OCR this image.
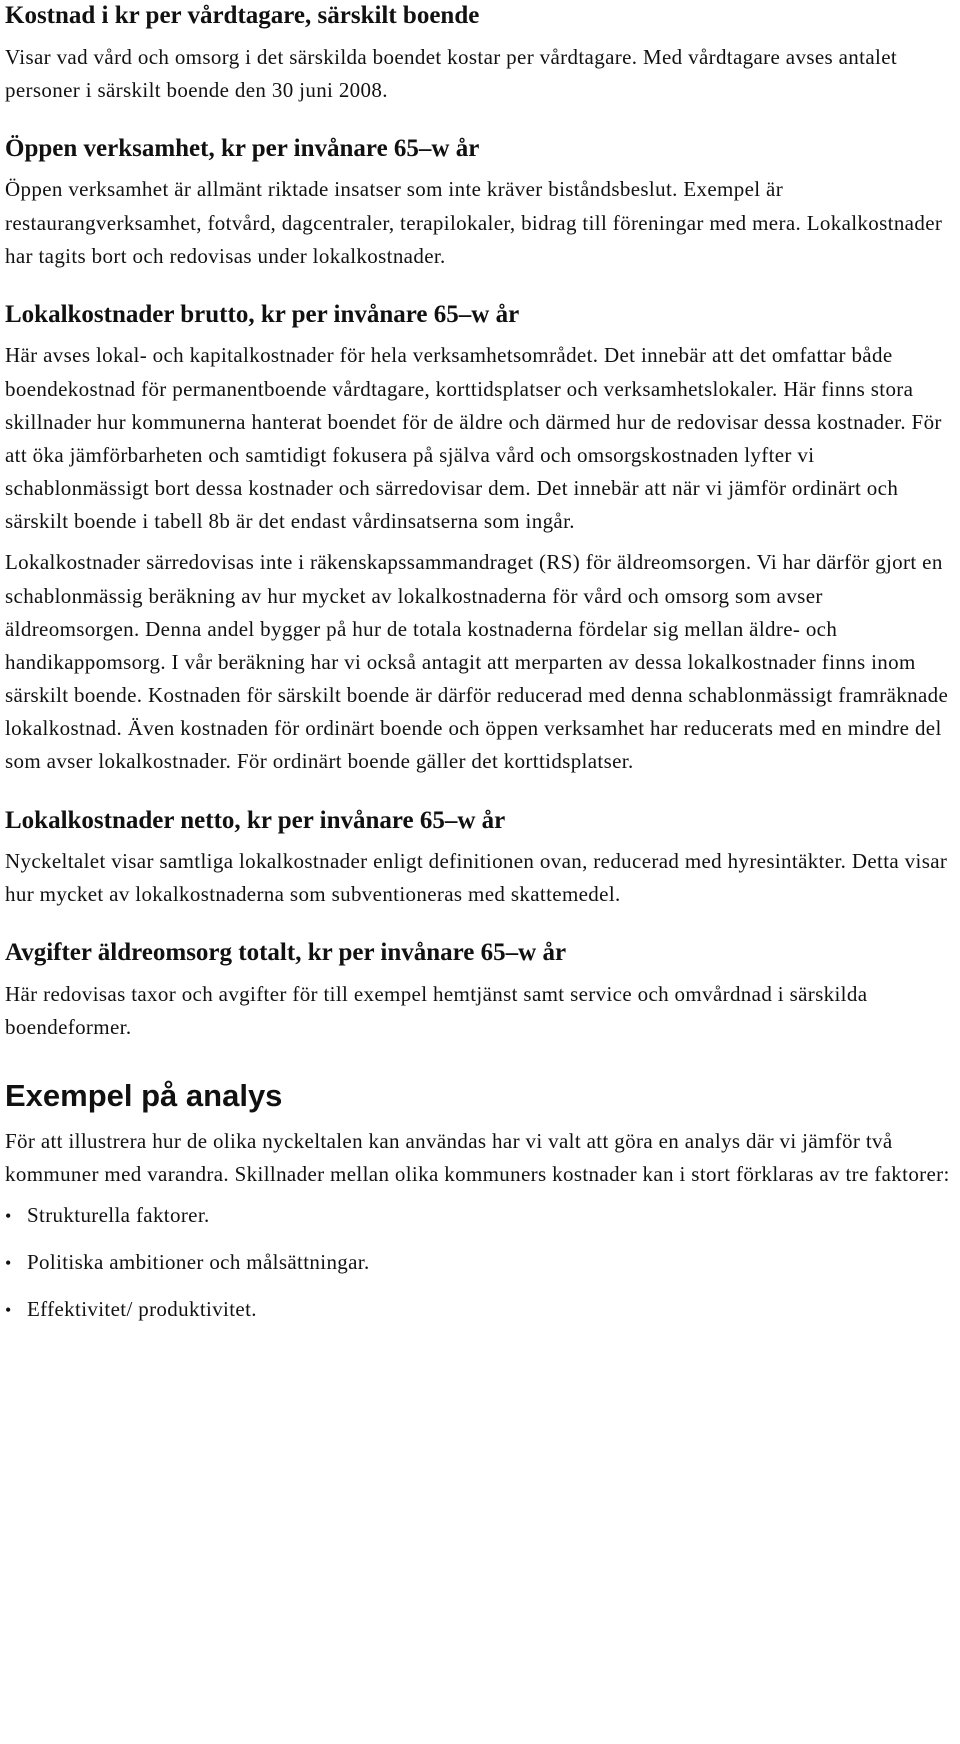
Kostnad i kr per vårdtagare, särskilt boende

Visar vad vård och omsorg i det särskilda boendet kostar per vårdtagare. Med vårdtagare avses antalet personer i särskilt boende den 30 juni 2008.

Öppen verksamhet, kr per invånare 65–w år

Öppen verksamhet är allmänt riktade insatser som inte kräver biståndsbeslut. Exempel är restaurangverksamhet, fotvård, dagcentraler, terapilokaler, bidrag till föreningar med mera. Lokalkostnader har tagits bort och redovisas under lokalkostnader.

Lokalkostnader brutto, kr per invånare 65–w år

Här avses lokal- och kapitalkostnader för hela verksamhetsområdet. Det innebär att det omfattar både boendekostnad för permanentboende vårdtagare, korttidsplatser och verksamhetslokaler. Här finns stora skillnader hur kommunerna hanterat boendet för de äldre och därmed hur de redovisar dessa kostnader. För att öka jämförbarheten och samtidigt fokusera på själva vård och omsorgskostnaden lyfter vi schablonmässigt bort dessa kostnader och särredovisar dem. Det innebär att när vi jämför ordinärt och särskilt boende i tabell 8b är det endast vårdinsatserna som ingår.

Lokalkostnader särredovisas inte i räkenskapssammandraget (RS) för äldreomsorgen. Vi har därför gjort en schablonmässig beräkning av hur mycket av lokalkostnaderna för vård och omsorg som avser äldreomsorgen. Denna andel bygger på hur de totala kostnaderna fördelar sig mellan äldre- och handikappomsorg. I vår beräkning har vi också antagit att merparten av dessa lokalkostnader finns inom särskilt boende. Kostnaden för särskilt boende är därför reducerad med denna schablonmässigt framräknade lokalkostnad. Även kostnaden för ordinärt boende och öppen verksamhet har reducerats med en mindre del som avser lokalkostnader. För ordinärt boende gäller det korttidsplatser.

Lokalkostnader netto, kr per invånare 65–w år

Nyckeltalet visar samtliga lokalkostnader enligt definitionen ovan, reducerad med hyresintäkter. Detta visar hur mycket av lokalkostnaderna som subventioneras med skattemedel.

Avgifter äldreomsorg totalt, kr per invånare 65–w år

Här redovisas taxor och avgifter för till exempel hemtjänst samt service och omvårdnad i särskilda boendeformer.

Exempel på analys

För att illustrera hur de olika nyckeltalen kan användas har vi valt att göra en analys där vi jämför två kommuner med varandra. Skillnader mellan olika kommuners kostnader kan i stort förklaras av tre faktorer:

• Strukturella faktorer.
• Politiska ambitioner och målsättningar.
• Effektivitet/ produktivitet.
